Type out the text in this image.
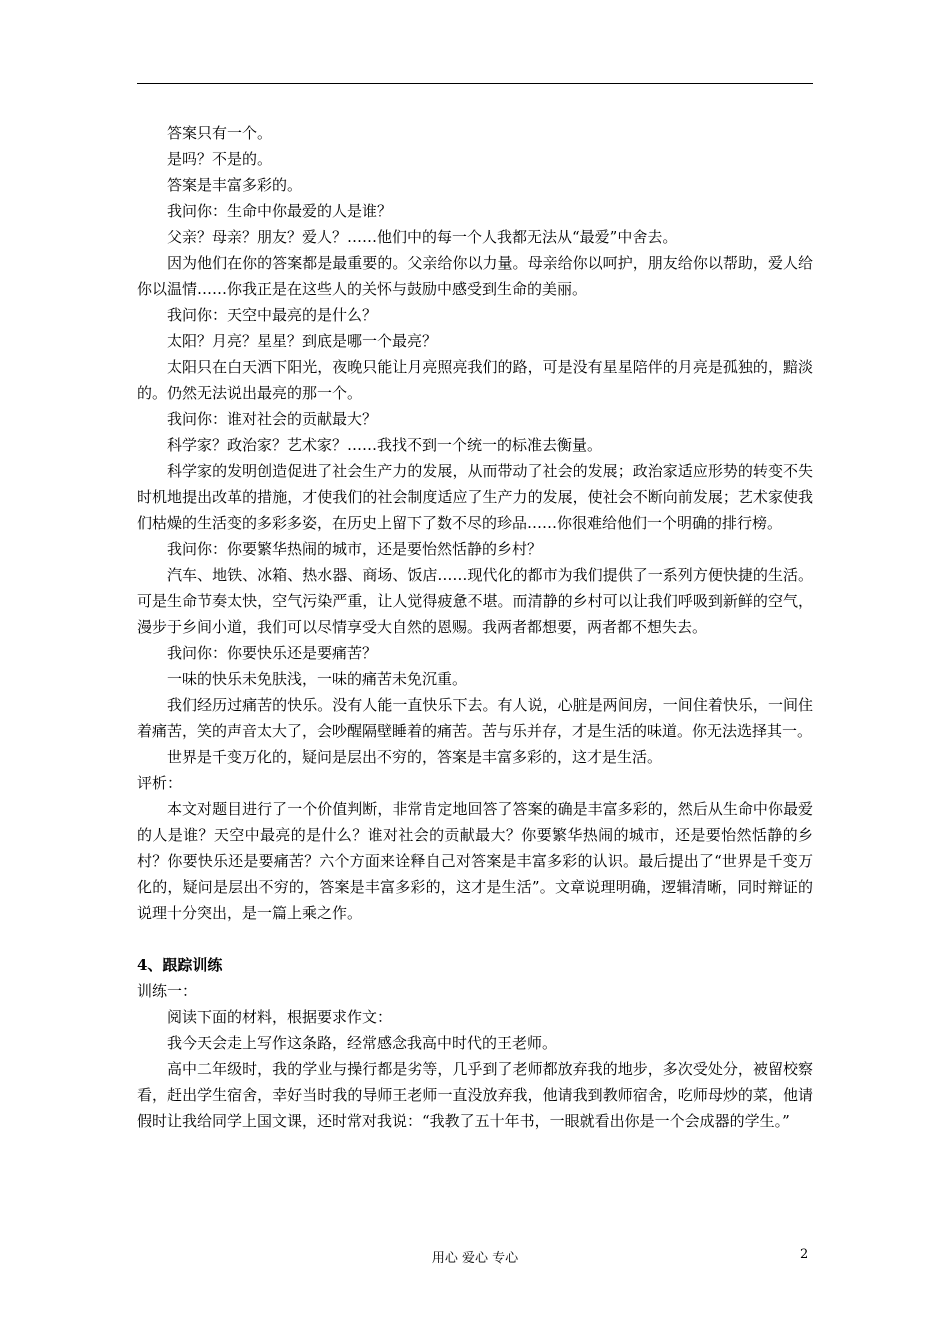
答案只有一个。

是吗？不是的。

答案是丰富多彩的。

我问你：生命中你最爱的人是谁？

父亲？母亲？朋友？爱人？……他们中的每一个人我都无法从“最爱”中舍去。

因为他们在你的答案都是最重要的。父亲给你以力量。母亲给你以呵护，朋友给你以帮助，爱人给你以温情……你我正是在这些人的关怀与鼓励中感受到生命的美丽。

我问你：天空中最亮的是什么？

太阳？月亮？星星？到底是哪一个最亮？

太阳只在白天洒下阳光，夜晚只能让月亮照亮我们的路，可是没有星星陪伴的月亮是孤独的，黯淡的。仍然无法说出最亮的那一个。

我问你：谁对社会的贡献最大？

科学家？政治家？艺术家？……我找不到一个统一的标准去衡量。

科学家的发明创造促进了社会生产力的发展，从而带动了社会的发展；政治家适应形势的转变不失时机地提出改革的措施，才使我们的社会制度适应了生产力的发展，使社会不断向前发展；艺术家使我们枯燥的生活变的多彩多姿，在历史上留下了数不尽的珍品……你很难给他们一个明确的排行榜。

我问你：你要繁华热闹的城市，还是要怡然恬静的乡村？

汽车、地铁、冰箱、热水器、商场、饭店……现代化的都市为我们提供了一系列方便快捷的生活。可是生命节奏太快，空气污染严重，让人觉得疲惫不堪。而清静的乡村可以让我们呼吸到新鲜的空气，漫步于乡间小道，我们可以尽情享受大自然的恩赐。我两者都想要，两者都不想失去。

我问你：你要快乐还是要痛苦？

一味的快乐未免肤浅，一味的痛苦未免沉重。

我们经历过痛苦的快乐。没有人能一直快乐下去。有人说，心脏是两间房，一间住着快乐，一间住着痛苦，笑的声音太大了，会吵醒隔壁睡着的痛苦。苦与乐并存，才是生活的味道。你无法选择其一。

世界是千变万化的，疑问是层出不穷的，答案是丰富多彩的，这才是生活。

评析：

本文对题目进行了一个价值判断，非常肯定地回答了答案的确是丰富多彩的，然后从生命中你最爱的人是谁？天空中最亮的是什么？谁对社会的贡献最大？你要繁华热闹的城市，还是要怡然恬静的乡村？你要快乐还是要痛苦？六个方面来诠释自己对答案是丰富多彩的认识。最后提出了“世界是千变万化的，疑问是层出不穷的，答案是丰富多彩的，这才是生活”。文章说理明确，逻辑清晰，同时辩证的说理十分突出，是一篇上乘之作。

4、跟踪训练

训练一：

阅读下面的材料，根据要求作文：

我今天会走上写作这条路，经常感念我高中时代的王老师。

高中二年级时，我的学业与操行都是劣等，几乎到了老师都放弃我的地步，多次受处分，被留校察看，赶出学生宿舍，幸好当时我的导师王老师一直没放弃我，他请我到教师宿舍，吃师母炒的菜，他请假时让我给同学上国文课，还时常对我说：“我教了五十年书，一眼就看出你是一个会成器的学生。”

用心 爱心 专心	2
